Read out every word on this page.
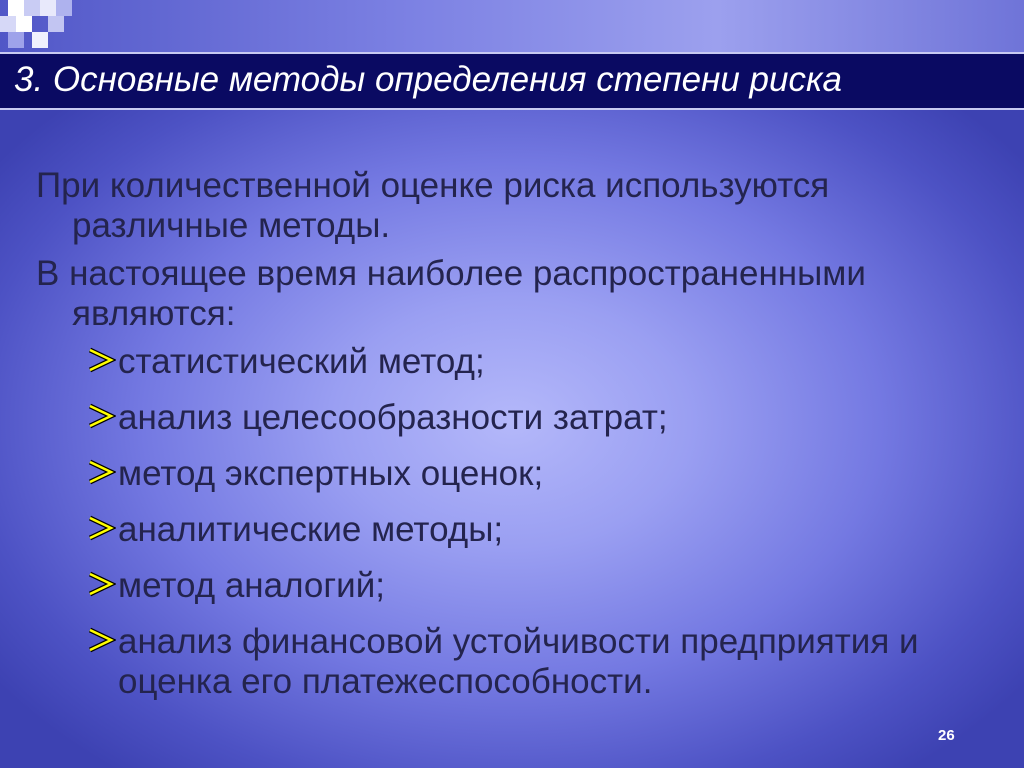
3. Основные методы определения степени риска

При количественной оценке риска используются различные методы.

В настоящее время наиболее распространенными являются:

статистический метод;
анализ целесообразности затрат;
метод экспертных оценок;
аналитические методы;
метод аналогий;
анализ финансовой устойчивости предприятия и оценка его платежеспособности.
26
